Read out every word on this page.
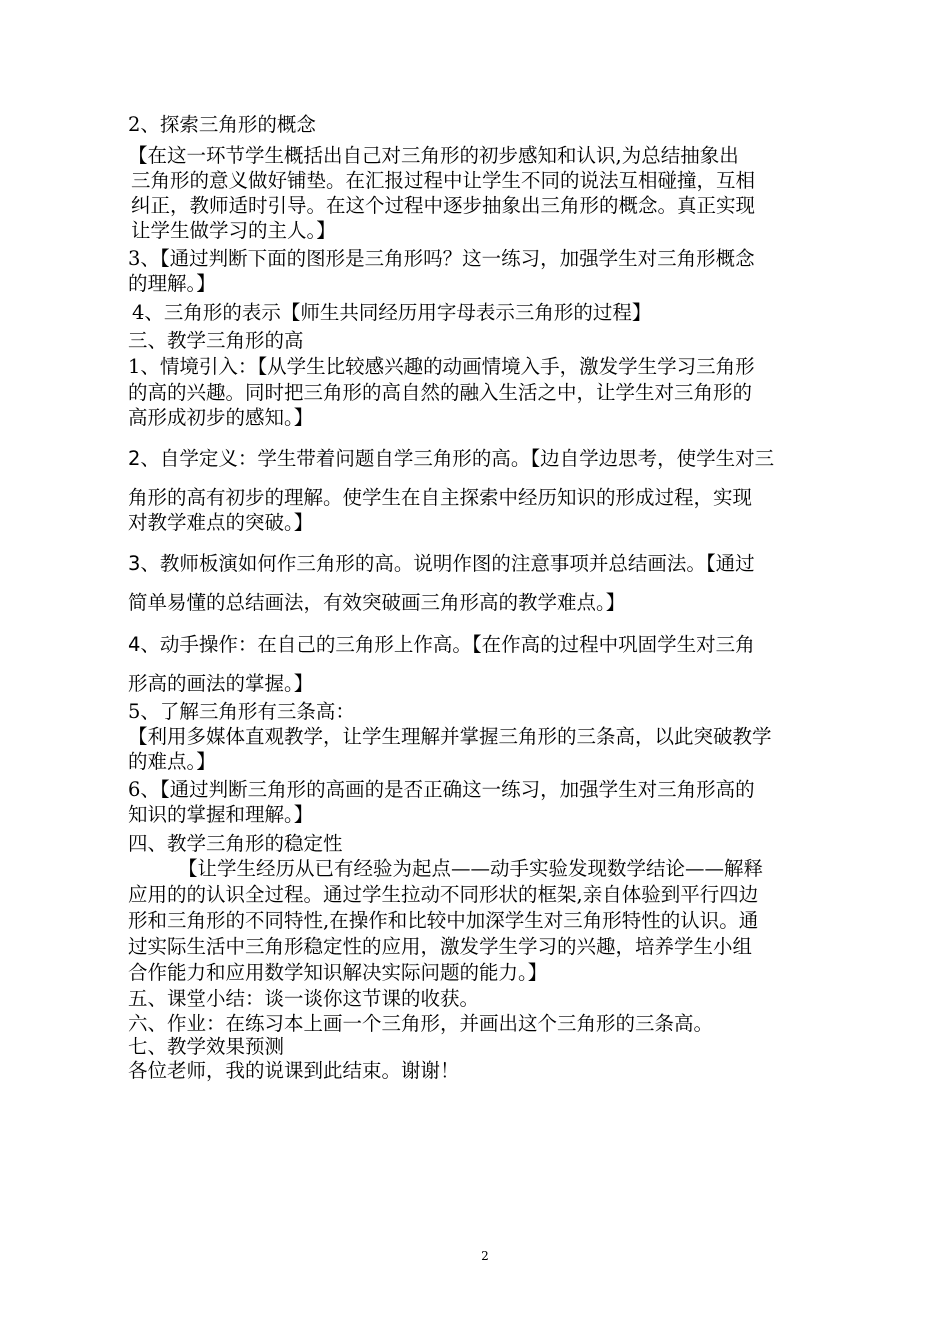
2、探索三角形的概念

【在这一环节学生概括出自己对三角形的初步感知和认识,为总结抽象出

三角形的意义做好铺垫。在汇报过程中让学生不同的说法互相碰撞，互相

纠正，教师适时引导。在这个过程中逐步抽象出三角形的概念。真正实现

让学生做学习的主人。】

3、【通过判断下面的图形是三角形吗？这一练习，加强学生对三角形概念

的理解。】

4、三角形的表示【师生共同经历用字母表示三角形的过程】

三、教学三角形的高

1、情境引入：【从学生比较感兴趣的动画情境入手，激发学生学习三角形

的高的兴趣。同时把三角形的高自然的融入生活之中，让学生对三角形的

高形成初步的感知。】

2、自学定义：学生带着问题自学三角形的高。【边自学边思考，使学生对三

角形的高有初步的理解。使学生在自主探索中经历知识的形成过程，实现

对教学难点的突破。】

3、教师板演如何作三角形的高。说明作图的注意事项并总结画法。【通过

简单易懂的总结画法，有效突破画三角形高的教学难点。】

4、动手操作：在自己的三角形上作高。【在作高的过程中巩固学生对三角

形高的画法的掌握。】

5、了解三角形有三条高：

【利用多媒体直观教学，让学生理解并掌握三角形的三条高，以此突破教学

的难点。】

6、【通过判断三角形的高画的是否正确这一练习，加强学生对三角形高的

知识的掌握和理解。】

四、教学三角形的稳定性

【让学生经历从已有经验为起点——动手实验发现数学结论——解释

应用的的认识全过程。通过学生拉动不同形状的框架,亲自体验到平行四边

形和三角形的不同特性,在操作和比较中加深学生对三角形特性的认识。通

过实际生活中三角形稳定性的应用，激发学生学习的兴趣，培养学生小组

合作能力和应用数学知识解决实际问题的能力。】

五、课堂小结：谈一谈你这节课的收获。

六、作业：在练习本上画一个三角形，并画出这个三角形的三条高。

七、教学效果预测

各位老师，我的说课到此结束。谢谢！

2
